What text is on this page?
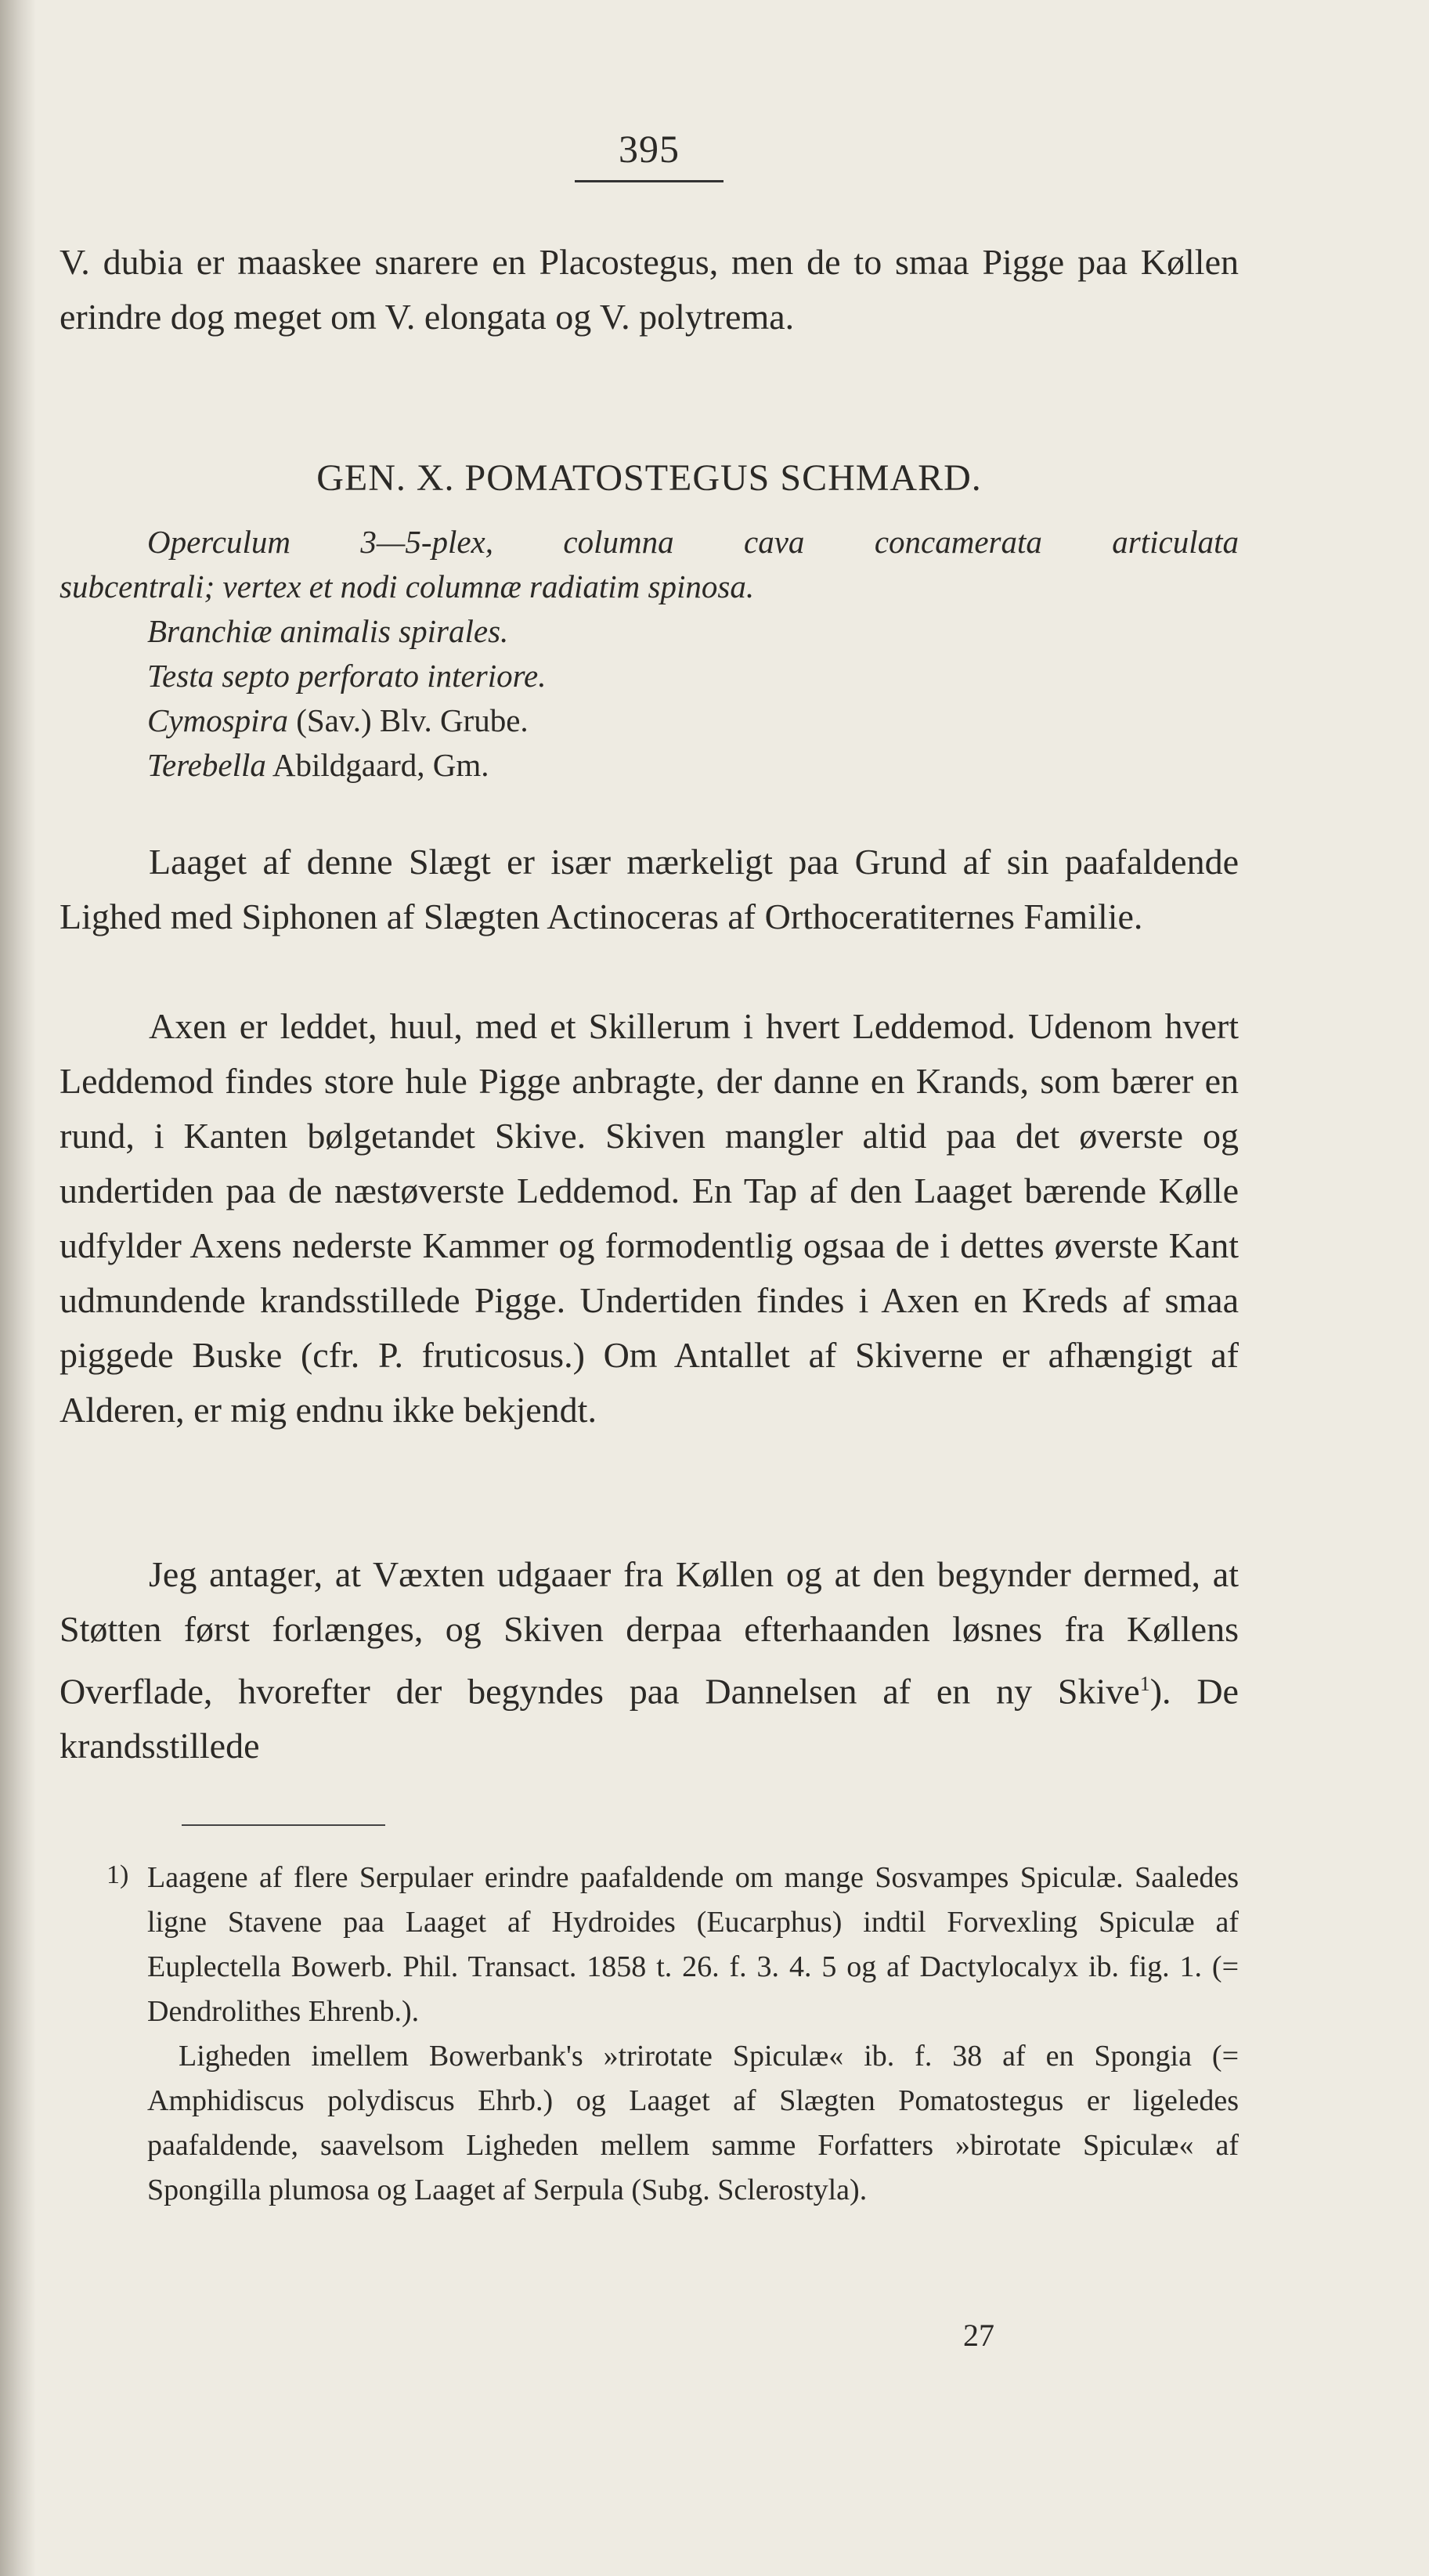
395

V. dubia er maaskee snarere en Placostegus, men de to smaa Pigge paa Køllen erindre dog meget om V. elongata og V. polytrema.

GEN. X. POMATOSTEGUS SCHMARD.
Operculum 3—5-plex, columna cava concamerata articulata
subcentrali; vertex et nodi columnæ radiatim spinosa.
Branchiæ animalis spirales.
Testa septo perforato interiore.
Cymospira (Sav.) Blv. Grube.
Terebella Abildgaard, Gm.

Laaget af denne Slægt er især mærkeligt paa Grund af sin paafaldende Lighed med Siphonen af Slægten Actinoceras af Orthoceratiternes Familie.

Axen er leddet, huul, med et Skillerum i hvert Leddemod. Udenom hvert Leddemod findes store hule Pigge anbragte, der danne en Krands, som bærer en rund, i Kanten bølgetandet Skive. Skiven mangler altid paa det øverste og undertiden paa de næstøverste Leddemod. En Tap af den Laaget bærende Kølle udfylder Axens nederste Kammer og formodentlig ogsaa de i dettes øverste Kant udmundende krandsstillede Pigge. Undertiden findes i Axen en Kreds af smaa piggede Buske (cfr. P. fruticosus.) Om Antallet af Skiverne er afhængigt af Alderen, er mig endnu ikke bekjendt.

Jeg antager, at Væxten udgaaer fra Køllen og at den begynder dermed, at Støtten først forlænges, og Skiven derpaa efterhaanden løsnes fra Køllens Overflade, hvorefter der begyndes paa Dannelsen af en ny Skive$^1$). De krandsstillede

1) Laagene af flere Serpulaer erindre paafaldende om mange Sosvampes Spiculæ. Saaledes ligne Stavene paa Laaget af Hydroides (Eucarphus) indtil Forvexling Spiculæ af Euplectella Bowerb. Phil. Transact. 1858 t. 26. f. 3. 4. 5 og af Dactylocalyx ib. fig. 1. (= Dendrolithes Ehrenb.).

Ligheden imellem Bowerbank's »trirotate Spiculæ« ib. f. 38 af en Spongia (= Amphidiscus polydiscus Ehrb.) og Laaget af Slægten Pomatostegus er ligeledes paafaldende, saavelsom Ligheden mellem samme Forfatters »birotate Spiculæ« af Spongilla plumosa og Laaget af Serpula (Subg. Sclerostyla).

27
